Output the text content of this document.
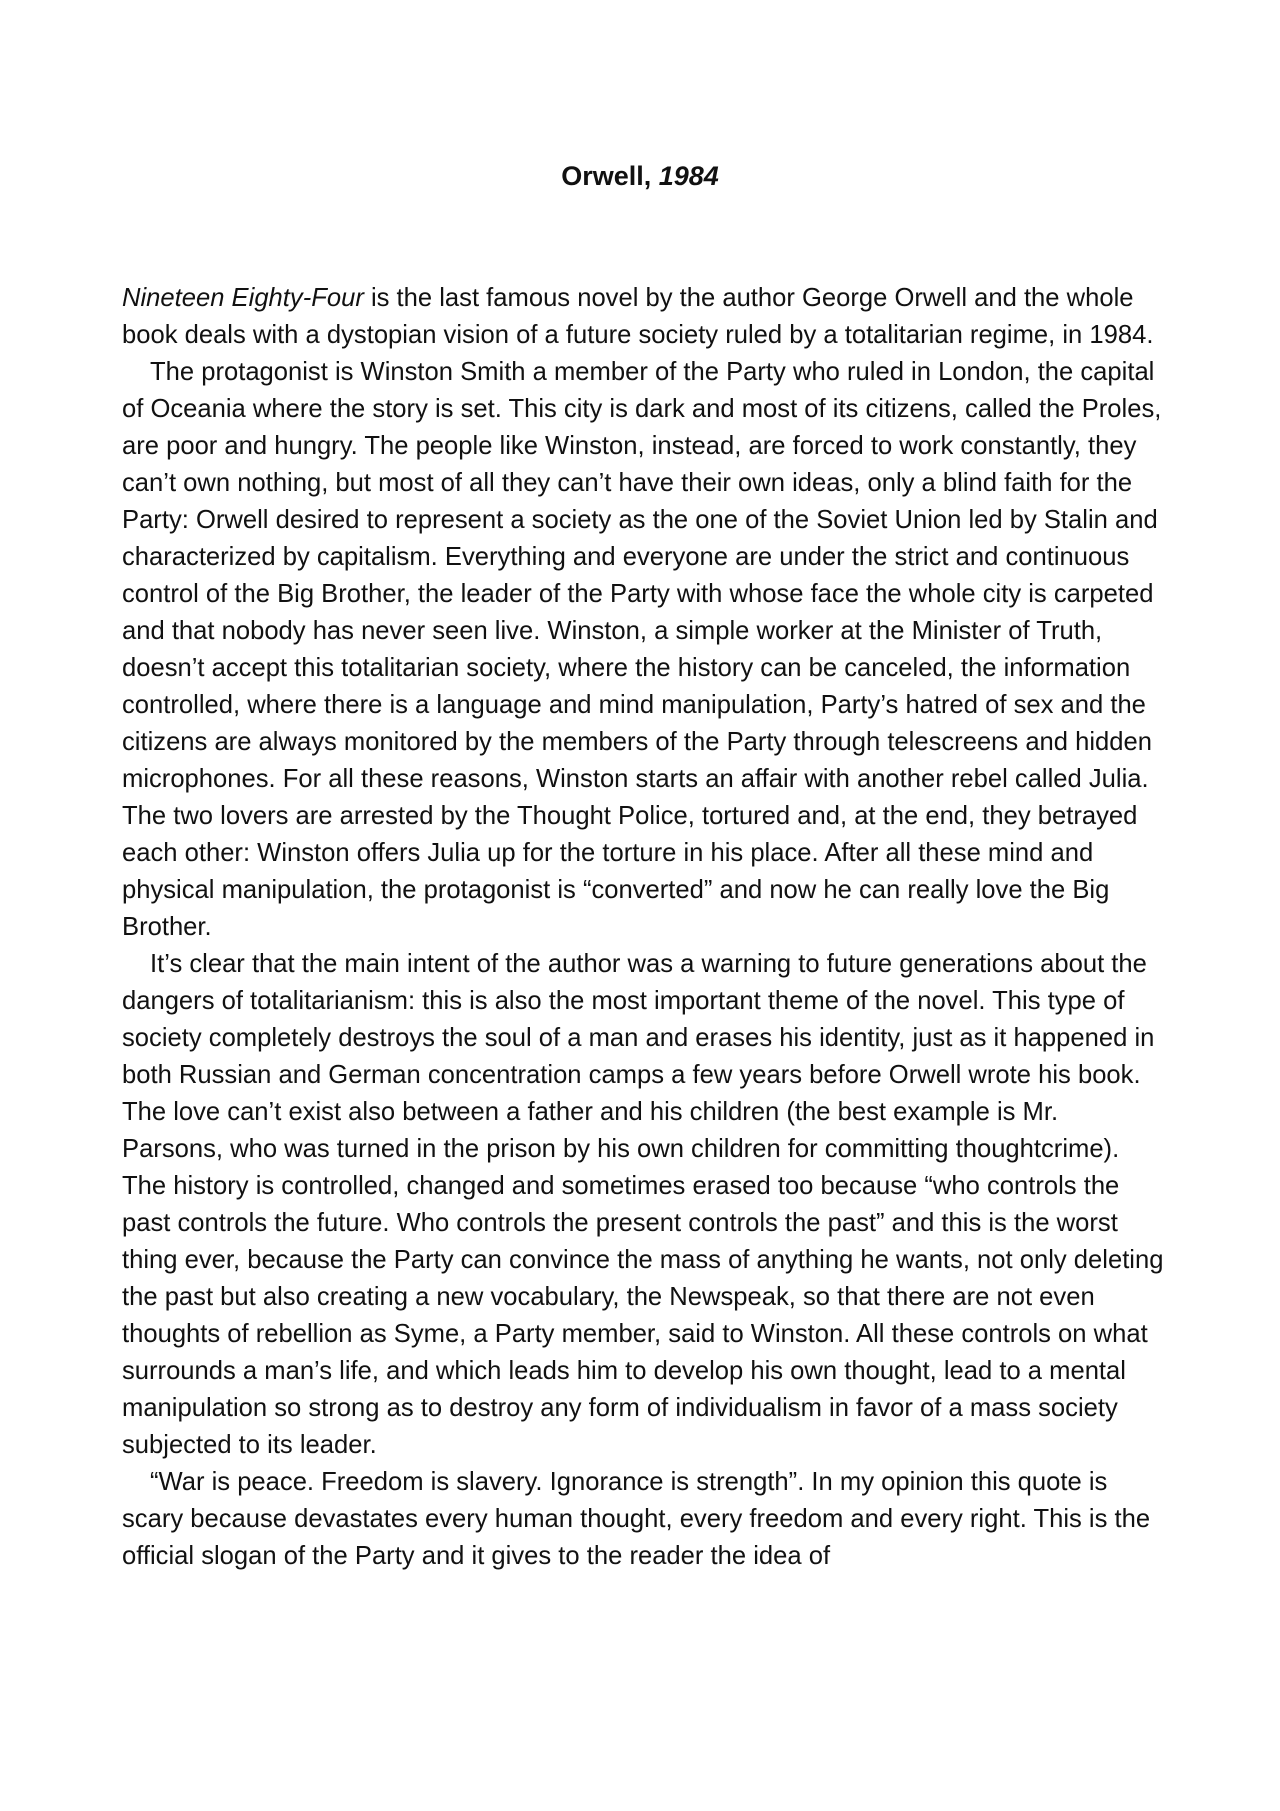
Orwell, 1984

Nineteen Eighty-Four is the last famous novel by the author George Orwell and the whole book deals with a dystopian vision of a future society ruled by a totalitarian regime, in 1984.

The protagonist is Winston Smith a member of the Party who ruled in London, the capital of Oceania where the story is set. This city is dark and most of its citizens, called the Proles, are poor and hungry. The people like Winston, instead, are forced to work constantly, they can’t own nothing, but most of all they can’t have their own ideas, only a blind faith for the Party: Orwell desired to represent a society as the one of the Soviet Union led by Stalin and characterized by capitalism. Everything and everyone are under the strict and continuous control of the Big Brother, the leader of the Party with whose face the whole city is carpeted and that nobody has never seen live. Winston, a simple worker at the Minister of Truth, doesn’t accept this totalitarian society, where the history can be canceled, the information controlled, where there is a language and mind manipulation, Party’s hatred of sex and the citizens are always monitored by the members of the Party through telescreens and hidden microphones. For all these reasons, Winston starts an affair with another rebel called Julia. The two lovers are arrested by the Thought Police, tortured and, at the end, they betrayed each other: Winston offers Julia up for the torture in his place. After all these mind and physical manipulation, the protagonist is “converted” and now he can really love the Big Brother.

It’s clear that the main intent of the author was a warning to future generations about the dangers of totalitarianism: this is also the most important theme of the novel. This type of society completely destroys the soul of a man and erases his identity, just as it happened in both Russian and German concentration camps a few years before Orwell wrote his book. The love can’t exist also between a father and his children (the best example is Mr. Parsons, who was turned in the prison by his own children for committing thoughtcrime). The history is controlled, changed and sometimes erased too because “who controls the past controls the future. Who controls the present controls the past” and this is the worst thing ever, because the Party can convince the mass of anything he wants, not only deleting the past but also creating a new vocabulary, the Newspeak, so that there are not even thoughts of rebellion as Syme, a Party member, said to Winston. All these controls on what surrounds a man’s life, and which leads him to develop his own thought, lead to a mental manipulation so strong as to destroy any form of individualism in favor of a mass society subjected to its leader.

“War is peace. Freedom is slavery. Ignorance is strength”. In my opinion this quote is scary because devastates every human thought, every freedom and every right. This is the official slogan of the Party and it gives to the reader the idea of
